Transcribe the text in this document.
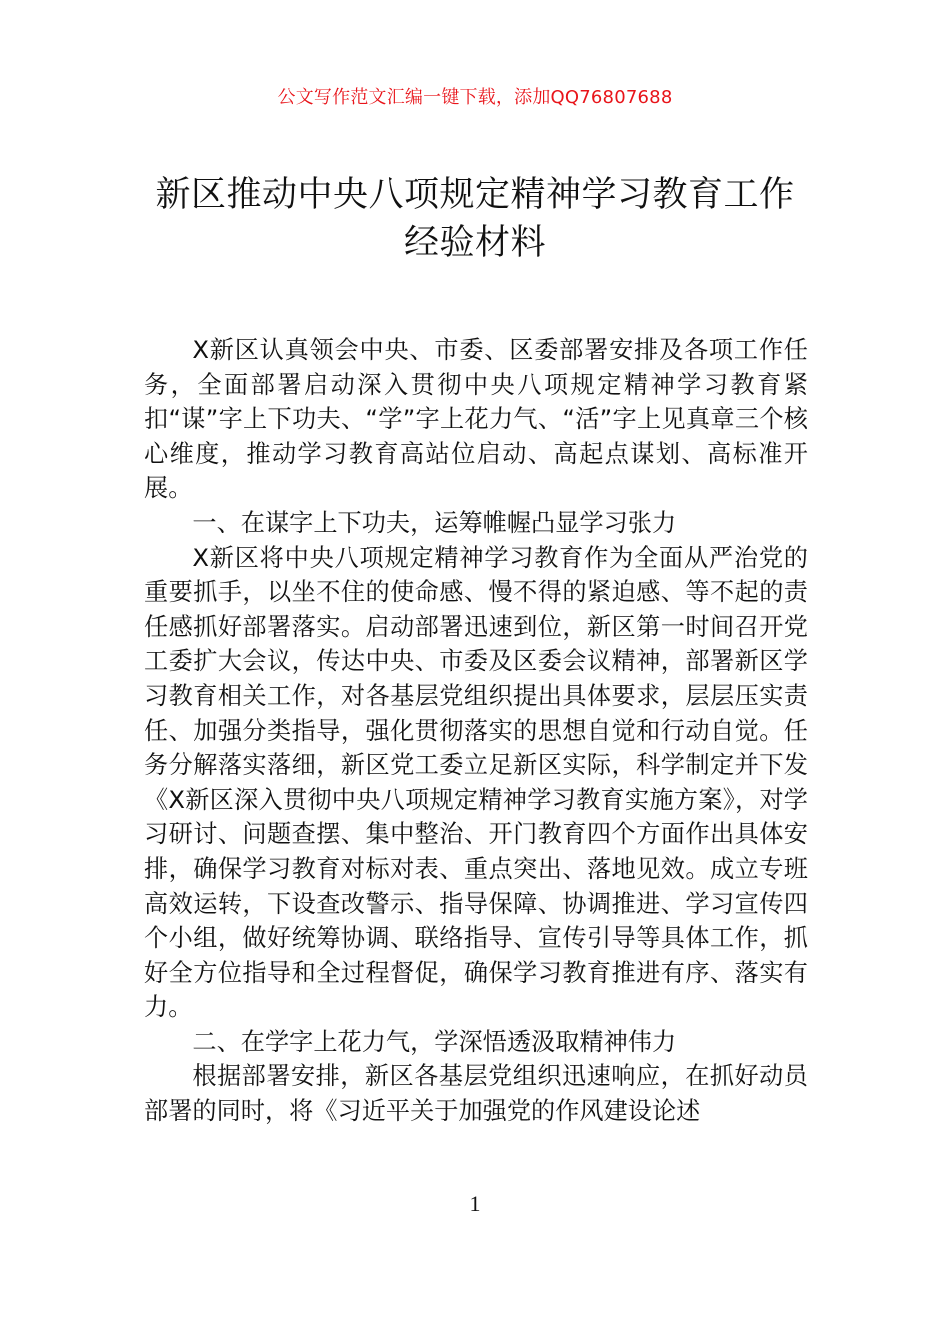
公文写作范文汇编一键下载，添加QQ76807688
新区推动中央八项规定精神学习教育工作
经验材料

X新区认真领会中央、市委、区委部署安排及各项工作任务，全面部署启动深入贯彻中央八项规定精神学习教育紧扣“谋”字上下功夫、“学”字上花力气、“活”字上见真章三个核心维度，推动学习教育高站位启动、高起点谋划、高标准开展。

一、在谋字上下功夫，运筹帷幄凸显学习张力

X新区将中央八项规定精神学习教育作为全面从严治党的重要抓手，以坐不住的使命感、慢不得的紧迫感、等不起的责任感抓好部署落实。启动部署迅速到位，新区第一时间召开党工委扩大会议，传达中央、市委及区委会议精神，部署新区学习教育相关工作，对各基层党组织提出具体要求，层层压实责任、加强分类指导，强化贯彻落实的思想自觉和行动自觉。任务分解落实落细，新区党工委立足新区实际，科学制定并下发《X新区深入贯彻中央八项规定精神学习教育实施方案》，对学习研讨、问题查摆、集中整治、开门教育四个方面作出具体安排，确保学习教育对标对表、重点突出、落地见效。成立专班高效运转，下设查改警示、指导保障、协调推进、学习宣传四个小组，做好统筹协调、联络指导、宣传引导等具体工作，抓好全方位指导和全过程督促，确保学习教育推进有序、落实有力。

二、在学字上花力气，学深悟透汲取精神伟力

根据部署安排，新区各基层党组织迅速响应，在抓好动员部署的同时，将《习近平关于加强党的作风建设论述

1
